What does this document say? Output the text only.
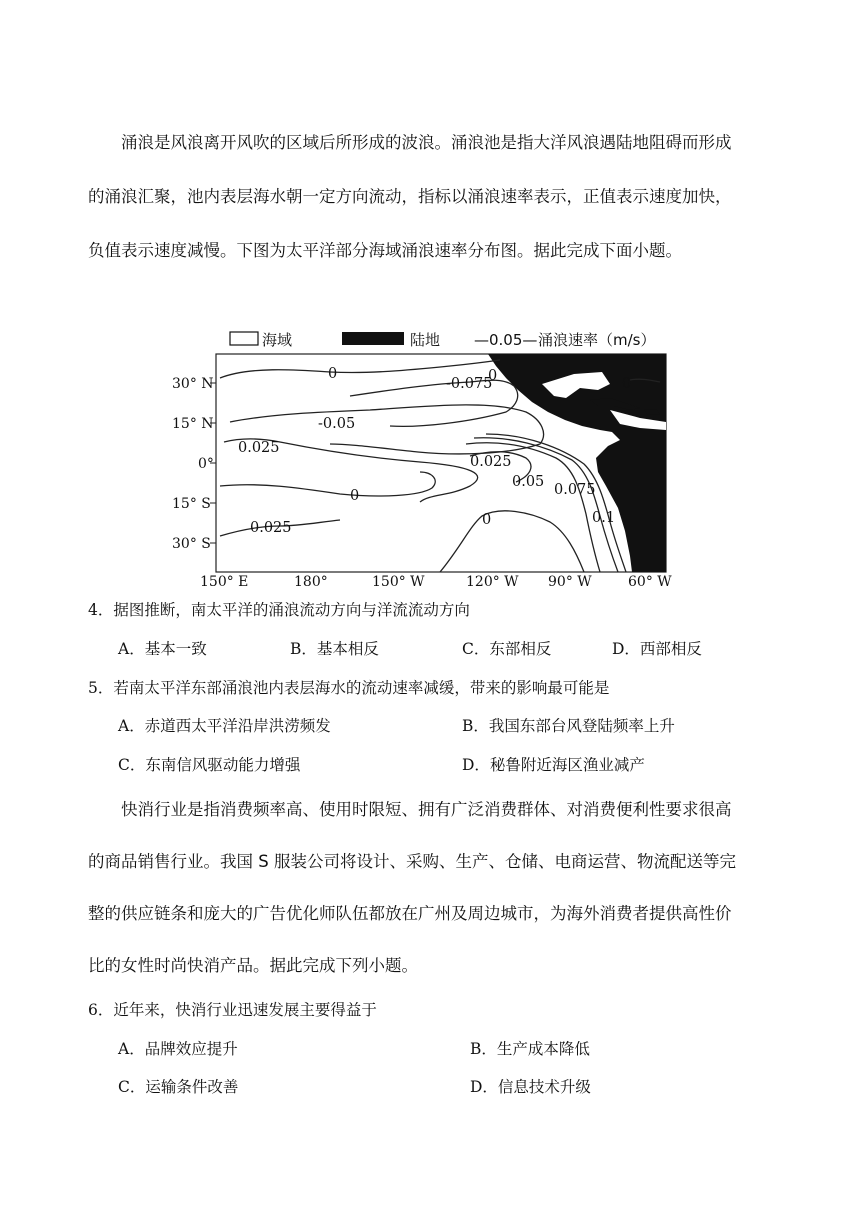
涌浪是风浪离开风吹的区域后所形成的波浪。涌浪池是指大洋风浪遇陆地阻碍而形成
的涌浪汇聚，池内表层海水朝一定方向流动，指标以涌浪速率表示，正值表示速度加快，
负值表示速度减慢。下图为太平洋部分海域涌浪速率分布图。据此完成下面小题。
海域	陆地 —0.05— 涌浪速率（m/s）
0
-0.075	0
-0.05
0.025
0.025
0.05 0.075
0.1
0
0
0.025
0
30° N
15° N
0°
15° S
30° S
150° E	180°	150° W	120° W 90° W	60° W
4．据图推断，南太平洋的涌浪流动方向与洋流流动方向
A．基本一致	B．基本相反	C．东部相反	D．西部相反
5．若南太平洋东部涌浪池内表层海水的流动速率减缓，带来的影响最可能是
A．赤道西太平洋沿岸洪涝频发	B．我国东部台风登陆频率上升
C．东南信风驱动能力增强	D．秘鲁附近海区渔业减产
快消行业是指消费频率高、使用时限短、拥有广泛消费群体、对消费便利性要求很高
的商品销售行业。我国 S 服装公司将设计、采购、生产、仓储、电商运营、物流配送等完
整的供应链条和庞大的广告优化师队伍都放在广州及周边城市，为海外消费者提供高性价
比的女性时尚快消产品。据此完成下列小题。
6．近年来，快消行业迅速发展主要得益于
A．品牌效应提升	B．生产成本降低
C．运输条件改善	D．信息技术升级
